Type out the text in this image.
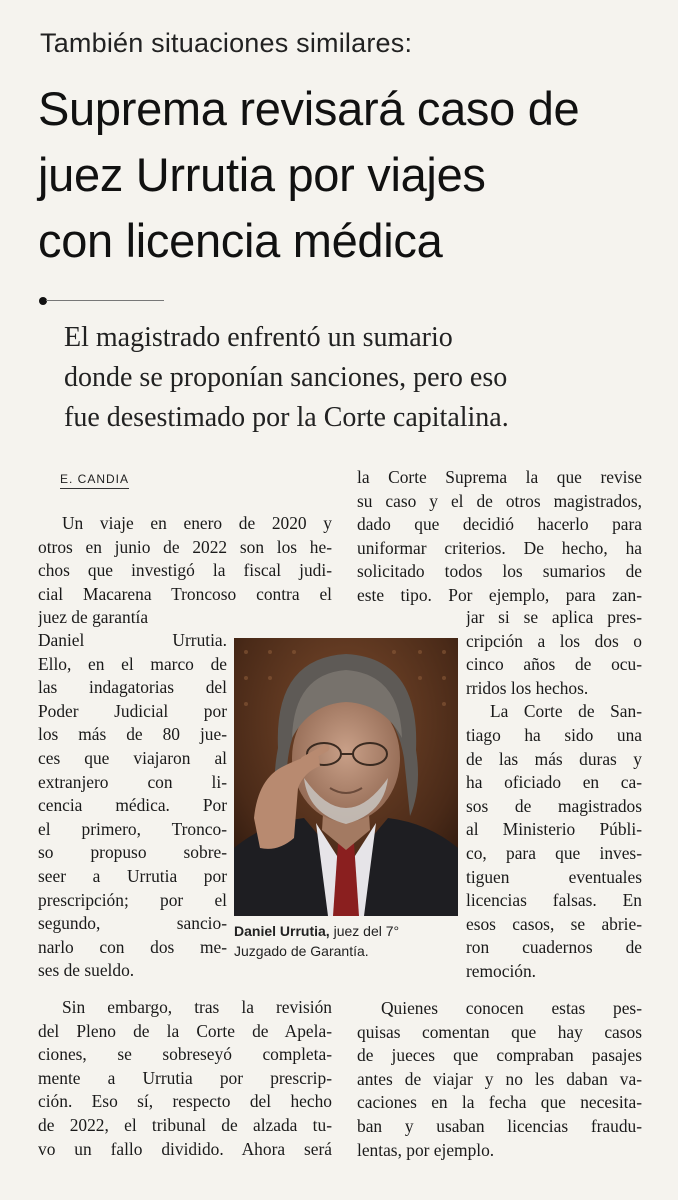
También situaciones similares:
Suprema revisará caso de
juez Urrutia por viajes
con licencia médica
El magistrado enfrentó un sumario
donde se proponían sanciones, pero eso
fue desestimado por la Corte capitalina.
E. CANDIA
Un viaje en enero de 2020 y
otros en junio de 2022 son los he-
chos que investigó la fiscal judi-
cial Macarena Troncoso contra el
juez de garantía
Daniel Urrutia.
Ello, en el marco de
las indagatorias del
Poder Judicial por
los más de 80 jue-
ces que viajaron al
extranjero con li-
cencia médica. Por
el primero, Tronco-
so propuso sobre-
seer a Urrutia por
prescripción; por el
segundo, sancio-
narlo con dos me-
ses de sueldo.
Sin embargo, tras la revisión
del Pleno de la Corte de Apela-
ciones, se sobreseyó completa-
mente a Urrutia por prescrip-
ción. Eso sí, respecto del hecho
de 2022, el tribunal de alzada tu-
vo un fallo dividido. Ahora será
la Corte Suprema la que revise
su caso y el de otros magistrados,
dado que decidió hacerlo para
uniformar criterios. De hecho, ha
solicitado todos los sumarios de
este tipo. Por ejemplo, para zan-
jar si se aplica pres-
cripción a los dos o
cinco años de ocu-
rridos los hechos.
La Corte de San-
tiago ha sido una
de las más duras y
ha oficiado en ca-
sos de magistrados
al Ministerio Públi-
co, para que inves-
tiguen eventuales
licencias falsas. En
esos casos, se abrie-
ron cuadernos de
remoción.
Quienes conocen estas pes-
quisas comentan que hay casos
de jueces que compraban pasajes
antes de viajar y no les daban va-
caciones en la fecha que necesita-
ban y usaban licencias fraudu-
lentas, por ejemplo.
Daniel Urrutia, juez del 7°
Juzgado de Garantía.
